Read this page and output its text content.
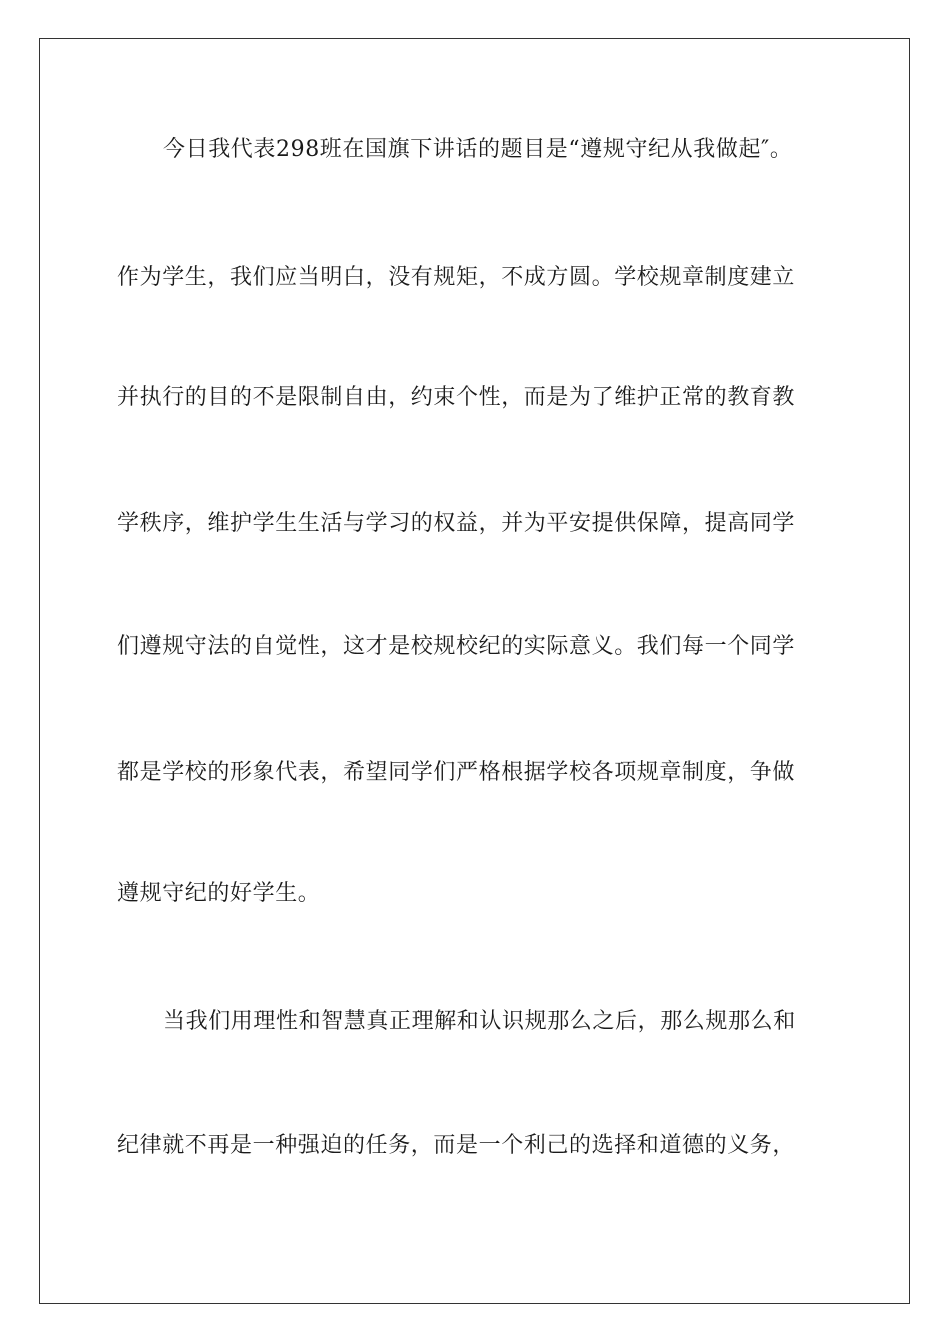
今日我代表298班在国旗下讲话的题目是“遵规守纪从我做起″。
作为学生，我们应当明白，没有规矩，不成方圆。学校规章制度建立
并执行的目的不是限制自由，约束个性，而是为了维护正常的教育教
学秩序，维护学生生活与学习的权益，并为平安提供保障，提高同学
们遵规守法的自觉性，这才是校规校纪的实际意义。我们每一个同学
都是学校的形象代表，希望同学们严格根据学校各项规章制度，争做
遵规守纪的好学生。
当我们用理性和智慧真正理解和认识规那么之后，那么规那么和
纪律就不再是一种强迫的任务，而是一个利己的选择和道德的义务，
